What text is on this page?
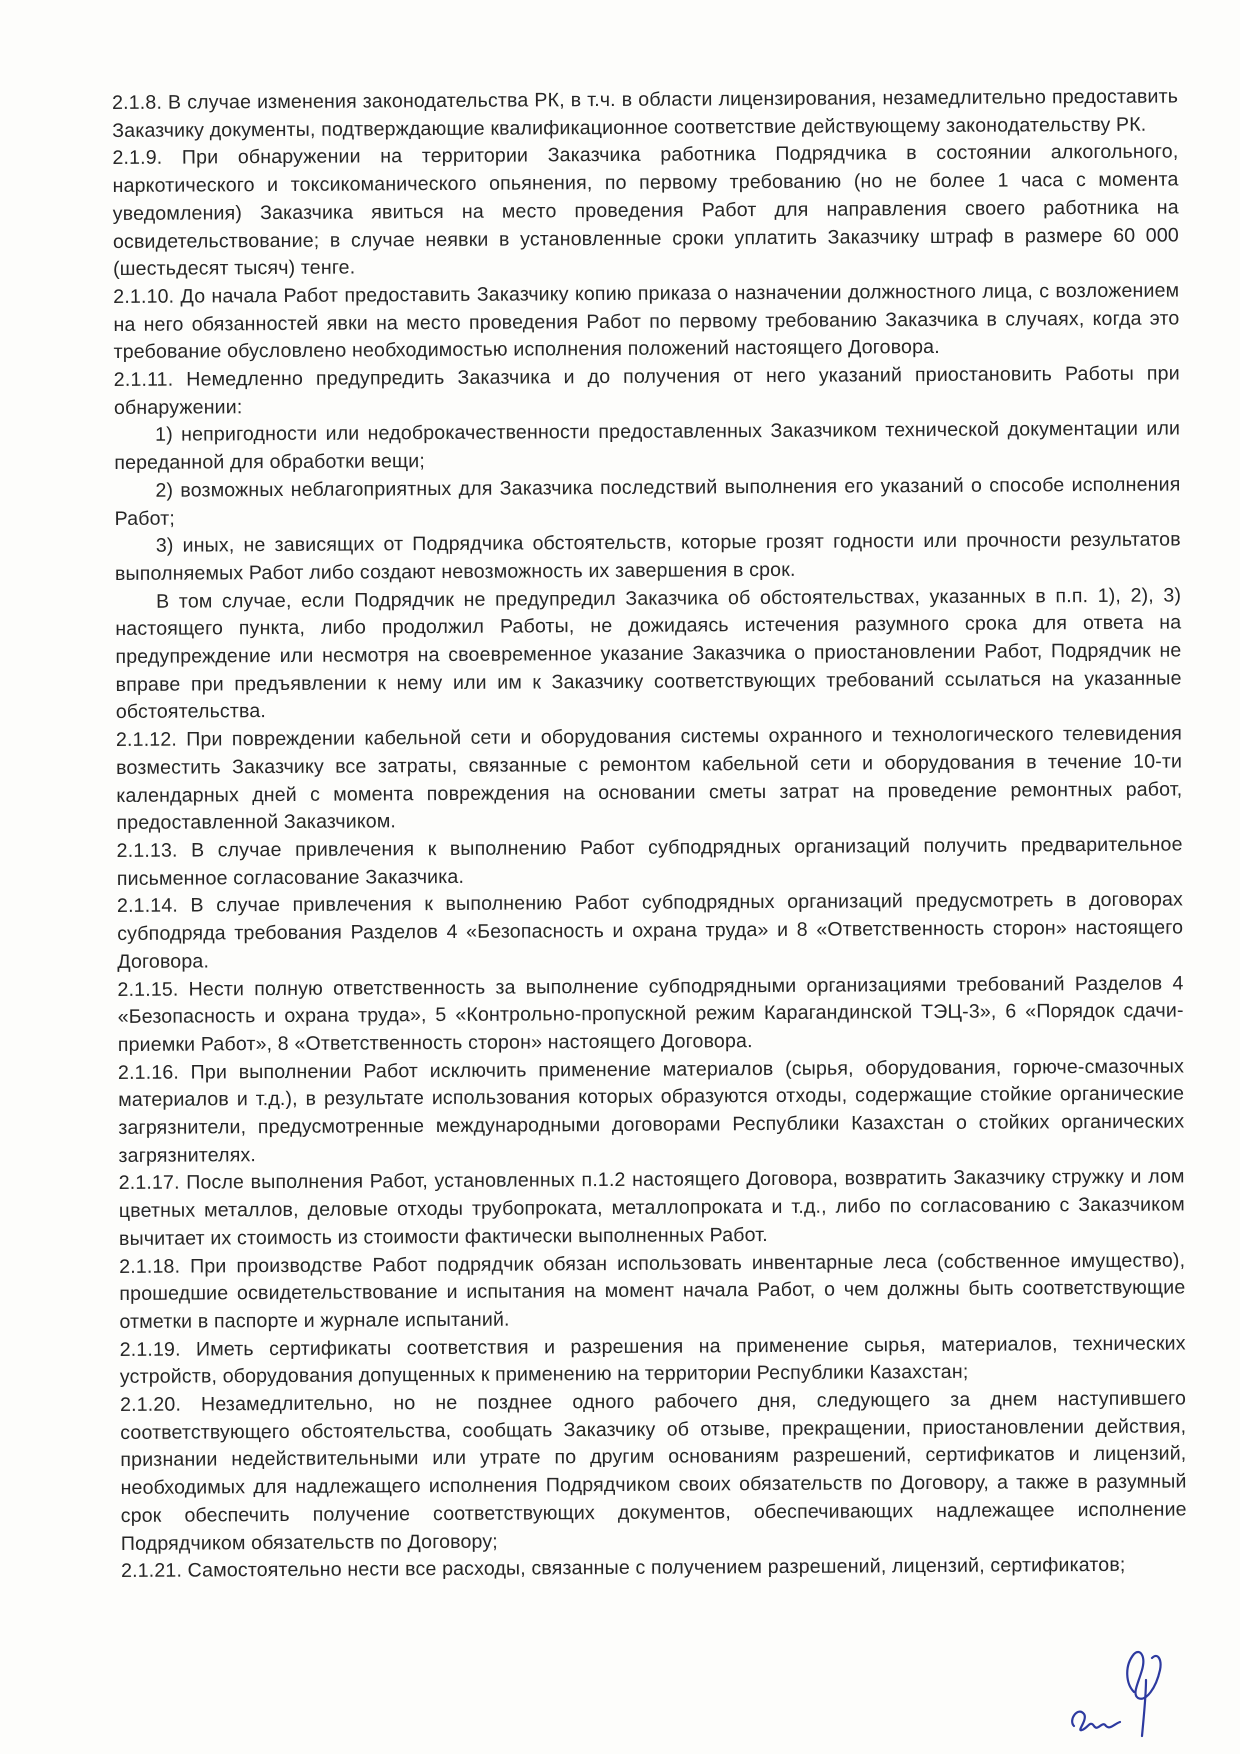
2.1.8. В случае изменения законодательства РК, в т.ч. в области лицензирования, незамедлительно предоставить Заказчику документы, подтверждающие квалификационное соответствие действующему законодательству РК.

2.1.9. При обнаружении на территории Заказчика работника Подрядчика в состоянии алкогольного, наркотического и токсикоманического опьянения, по первому требованию (но не более 1 часа с момента уведомления) Заказчика явиться на место проведения Работ для направления своего работника на освидетельствование; в случае неявки в установленные сроки уплатить Заказчику штраф в размере 60 000 (шестьдесят тысяч) тенге.

2.1.10. До начала Работ предоставить Заказчику копию приказа о назначении должностного лица, с возложением на него обязанностей явки на место проведения Работ по первому требованию Заказчика в случаях, когда это требование обусловлено необходимостью исполнения положений настоящего Договора.

2.1.11. Немедленно предупредить Заказчика и до получения от него указаний приостановить Работы при обнаружении:

1) непригодности или недоброкачественности предоставленных Заказчиком технической документации или переданной для обработки вещи;

2) возможных неблагоприятных для Заказчика последствий выполнения его указаний о способе исполнения Работ;

3) иных, не зависящих от Подрядчика обстоятельств, которые грозят годности или прочности результатов выполняемых Работ либо создают невозможность их завершения в срок.

В том случае, если Подрядчик не предупредил Заказчика об обстоятельствах, указанных в п.п. 1), 2), 3) настоящего пункта, либо продолжил Работы, не дожидаясь истечения разумного срока для ответа на предупреждение или несмотря на своевременное указание Заказчика о приостановлении Работ, Подрядчик не вправе при предъявлении к нему или им к Заказчику соответствующих требований ссылаться на указанные обстоятельства.

2.1.12. При повреждении кабельной сети и оборудования системы охранного и технологического телевидения возместить Заказчику все затраты, связанные с ремонтом кабельной сети и оборудования в течение 10-ти календарных дней с момента повреждения на основании сметы затрат на проведение ремонтных работ, предоставленной Заказчиком.

2.1.13. В случае привлечения к выполнению Работ субподрядных организаций получить предварительное письменное согласование Заказчика.

2.1.14. В случае привлечения к выполнению Работ субподрядных организаций предусмотреть в договорах субподряда требования Разделов 4 «Безопасность и охрана труда» и 8 «Ответственность сторон» настоящего Договора.

2.1.15. Нести полную ответственность за выполнение субподрядными организациями требований Разделов 4 «Безопасность и охрана труда», 5 «Контрольно-пропускной режим Карагандинской ТЭЦ-3», 6 «Порядок сдачи-приемки Работ», 8 «Ответственность сторон» настоящего Договора.

2.1.16. При выполнении Работ исключить применение материалов (сырья, оборудования, горюче-смазочных материалов и т.д.), в результате использования которых образуются отходы, содержащие стойкие органические загрязнители, предусмотренные международными договорами Республики Казахстан о стойких органических загрязнителях.

2.1.17. После выполнения Работ, установленных п.1.2 настоящего Договора, возвратить Заказчику стружку и лом цветных металлов, деловые отходы трубопроката, металлопроката и т.д., либо по согласованию с Заказчиком вычитает их стоимость из стоимости фактически выполненных Работ.

2.1.18. При производстве Работ подрядчик обязан использовать инвентарные леса (собственное имущество), прошедшие освидетельствование и испытания на момент начала Работ, о чем должны быть соответствующие отметки в паспорте и журнале испытаний.

2.1.19. Иметь сертификаты соответствия и разрешения на применение сырья, материалов, технических устройств, оборудования допущенных к применению на территории Республики Казахстан;

2.1.20. Незамедлительно, но не позднее одного рабочего дня, следующего за днем наступившего соответствующего обстоятельства, сообщать Заказчику об отзыве, прекращении, приостановлении действия, признании недействительными или утрате по другим основаниям разрешений, сертификатов и лицензий, необходимых для надлежащего исполнения Подрядчиком своих обязательств по Договору, а также в разумный срок обеспечить получение соответствующих документов, обеспечивающих надлежащее исполнение Подрядчиком обязательств по Договору;

2.1.21. Самостоятельно нести все расходы, связанные с получением разрешений, лицензий, сертификатов;
